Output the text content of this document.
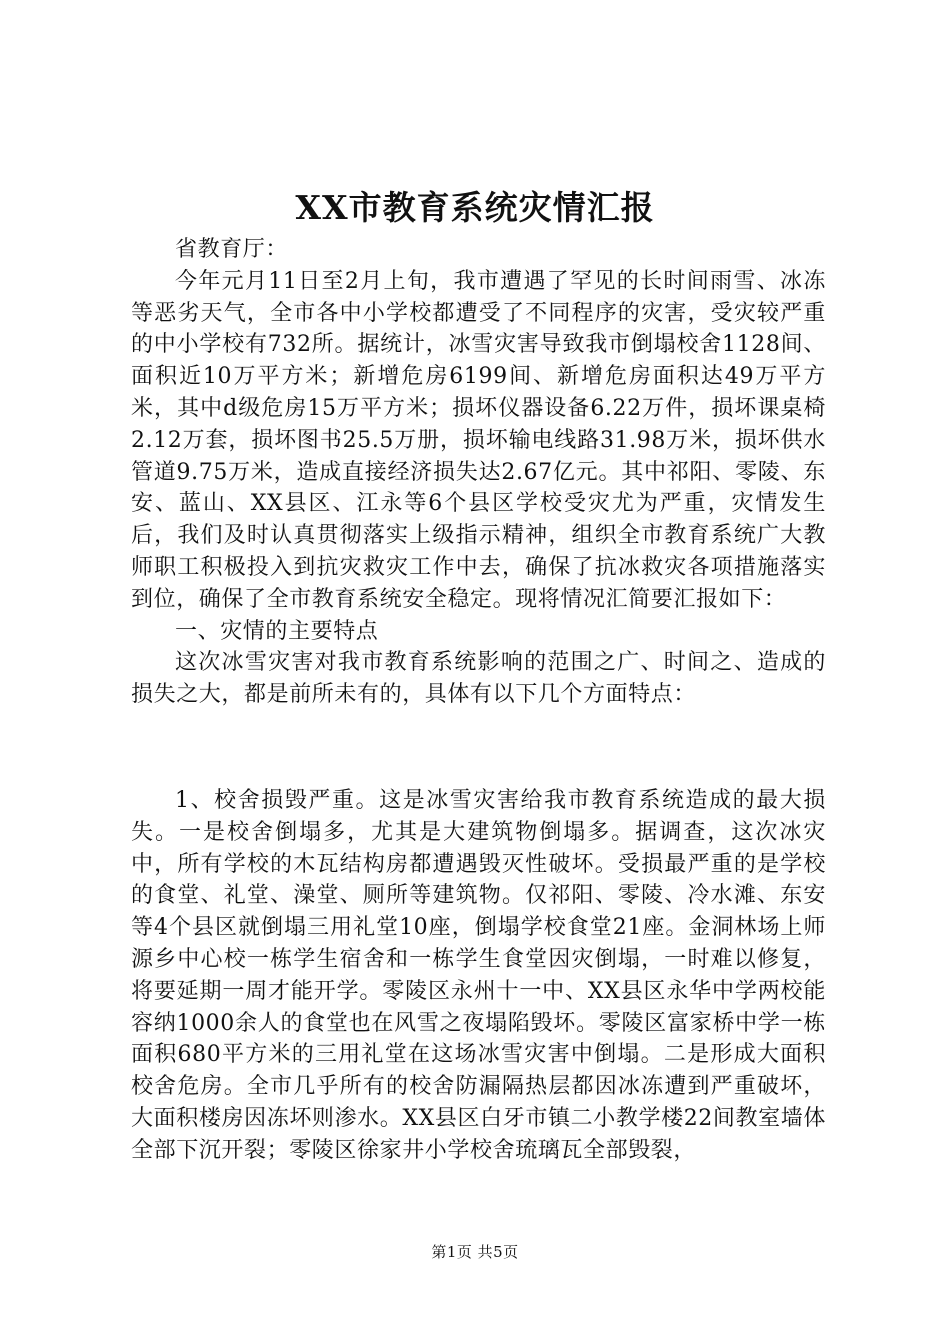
XX市教育系统灾情汇报

省教育厅：

今年元月11日至2月上旬，我市遭遇了罕见的长时间雨雪、冰冻等恶劣天气，全市各中小学校都遭受了不同程序的灾害，受灾较严重的中小学校有732所。据统计，冰雪灾害导致我市倒塌校舍1128间、面积近10万平方米；新增危房6199间、新增危房面积达49万平方米，其中d级危房15万平方米；损坏仪器设备6.22万件，损坏课桌椅2.12万套，损坏图书25.5万册，损坏输电线路31.98万米，损坏供水管道9.75万米，造成直接经济损失达2.67亿元。其中祁阳、零陵、东安、蓝山、XX县区、江永等6个县区学校受灾尤为严重，灾情发生后，我们及时认真贯彻落实上级指示精神，组织全市教育系统广大教师职工积极投入到抗灾救灾工作中去，确保了抗冰救灾各项措施落实到位，确保了全市教育系统安全稳定。现将情况汇简要汇报如下：

一、灾情的主要特点

这次冰雪灾害对我市教育系统影响的范围之广、时间之、造成的损失之大，都是前所未有的，具体有以下几个方面特点：

1、校舍损毁严重。这是冰雪灾害给我市教育系统造成的最大损失。一是校舍倒塌多，尤其是大建筑物倒塌多。据调查，这次冰灾中，所有学校的木瓦结构房都遭遇毁灭性破坏。受损最严重的是学校的食堂、礼堂、澡堂、厕所等建筑物。仅祁阳、零陵、冷水滩、东安等4个县区就倒塌三用礼堂10座，倒塌学校食堂21座。金洞林场上师源乡中心校一栋学生宿舍和一栋学生食堂因灾倒塌，一时难以修复，将要延期一周才能开学。零陵区永州十一中、XX县区永华中学两校能容纳1000余人的食堂也在风雪之夜塌陷毁坏。零陵区富家桥中学一栋面积680平方米的三用礼堂在这场冰雪灾害中倒塌。二是形成大面积校舍危房。全市几乎所有的校舍防漏隔热层都因冰冻遭到严重破坏，大面积楼房因冻坏则渗水。XX县区白牙市镇二小教学楼22间教室墙体全部下沉开裂；零陵区徐家井小学校舍琉璃瓦全部毁裂，

第1页 共5页
